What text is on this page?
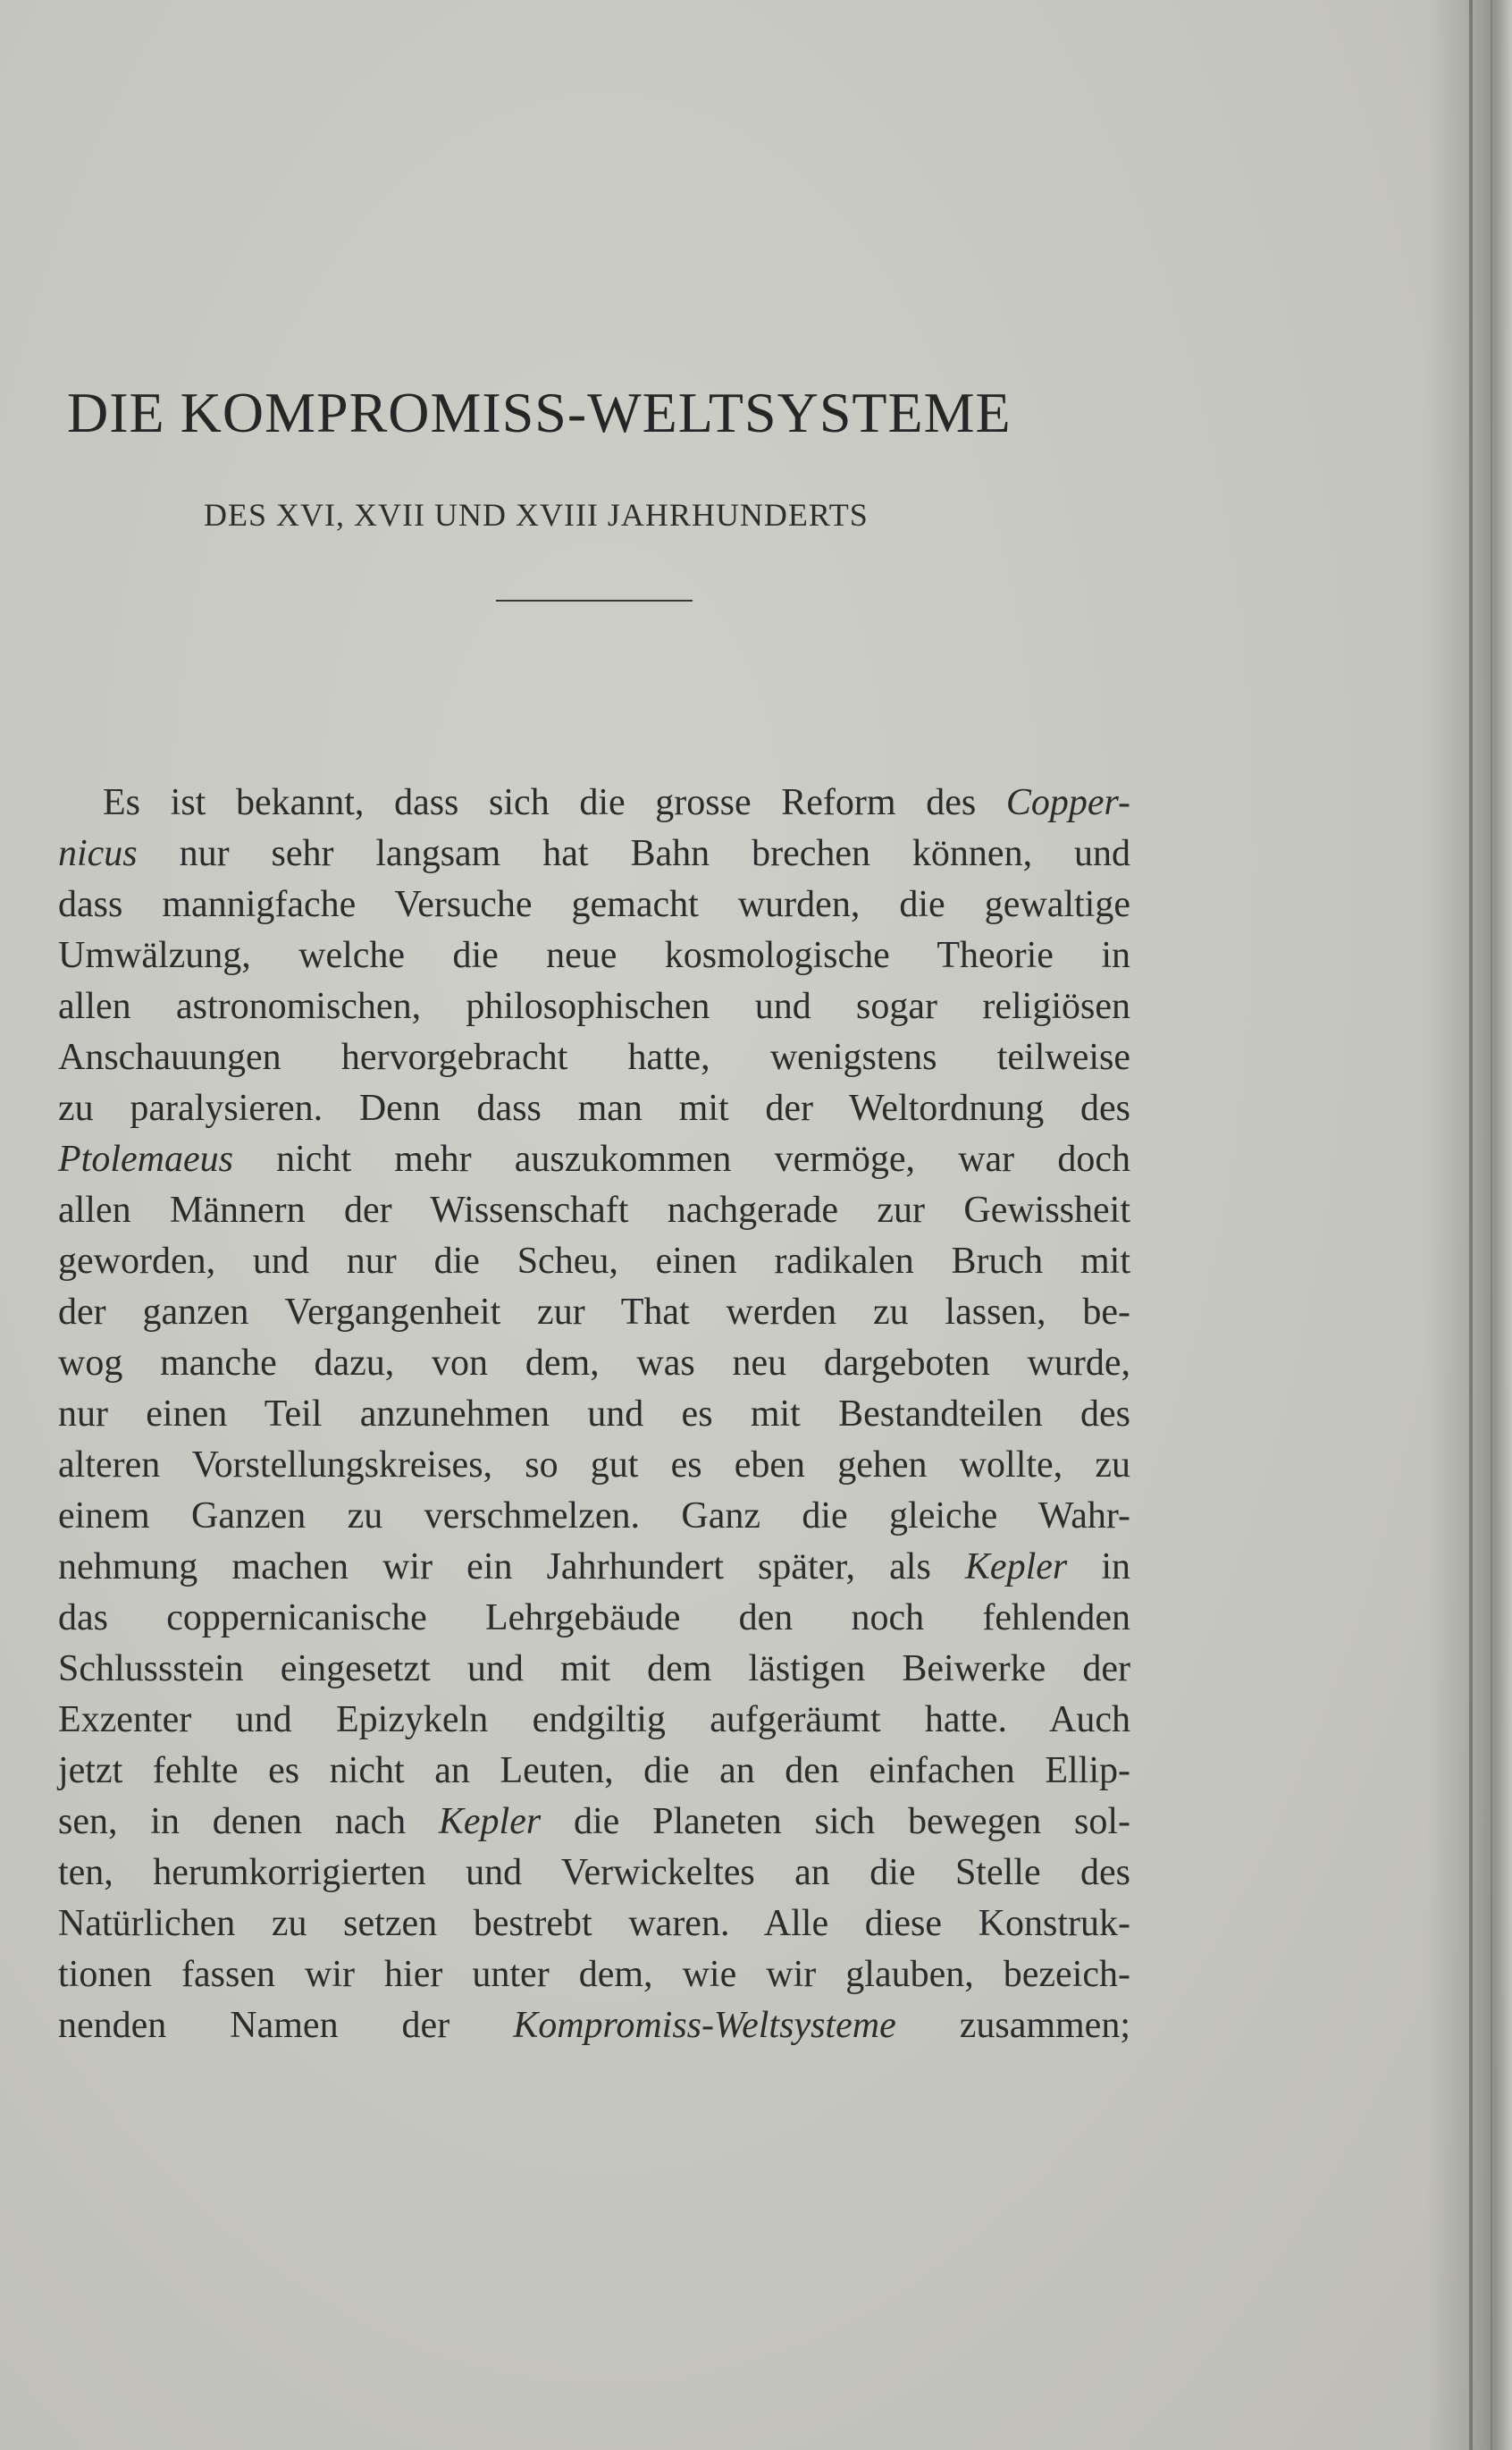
DIE KOMPROMISS-WELTSYSTEME
DES XVI, XVII UND XVIII JAHRHUNDERTS
Es ist bekannt, dass sich die grosse Reform des Copper-
nicus nur sehr langsam hat Bahn brechen können, und
dass mannigfache Versuche gemacht wurden, die gewaltige
Umwälzung, welche die neue kosmologische Theorie in
allen astronomischen, philosophischen und sogar religiösen
Anschauungen hervorgebracht hatte, wenigstens teilweise
zu paralysieren. Denn dass man mit der Weltordnung des
Ptolemaeus nicht mehr auszukommen vermöge, war doch
allen Männern der Wissenschaft nachgerade zur Gewissheit
geworden, und nur die Scheu, einen radikalen Bruch mit
der ganzen Vergangenheit zur That werden zu lassen, be-
wog manche dazu, von dem, was neu dargeboten wurde,
nur einen Teil anzunehmen und es mit Bestandteilen des
alteren Vorstellungskreises, so gut es eben gehen wollte, zu
einem Ganzen zu verschmelzen. Ganz die gleiche Wahr-
nehmung machen wir ein Jahrhundert später, als Kepler in
das coppernicanische Lehrgebäude den noch fehlenden
Schlussstein eingesetzt und mit dem lästigen Beiwerke der
Exzenter und Epizykeln endgiltig aufgeräumt hatte. Auch
jetzt fehlte es nicht an Leuten, die an den einfachen Ellip-
sen, in denen nach Kepler die Planeten sich bewegen sol-
ten, herumkorrigierten und Verwickeltes an die Stelle des
Natürlichen zu setzen bestrebt waren. Alle diese Konstruk-
tionen fassen wir hier unter dem, wie wir glauben, bezeich-
nenden Namen der Kompromiss-Weltsysteme zusammen;
